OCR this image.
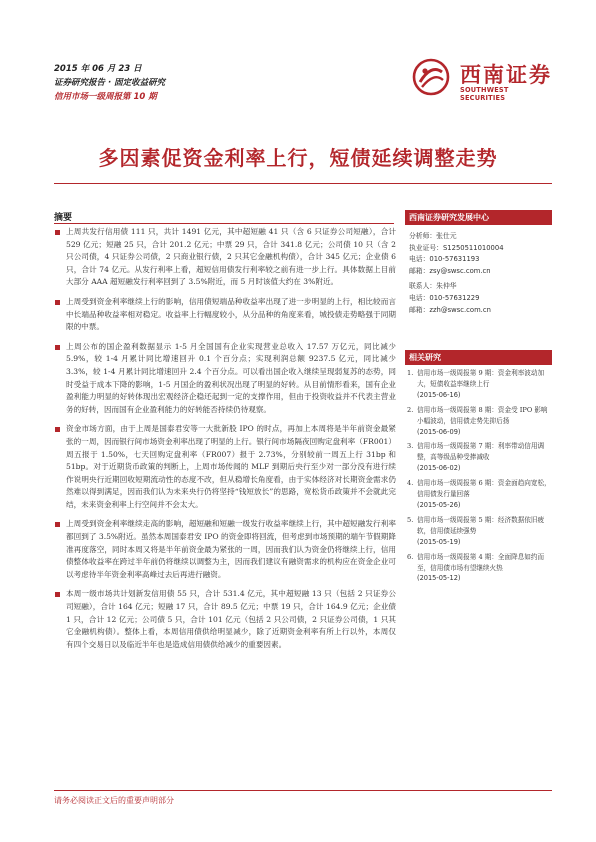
2015 年 06 月 23 日
证券研究报告 · 固定收益研究
信用市场一级周报第 10 期
西南证券
SOUTHWEST SECURITIES
多因素促资金利率上行，短债延续调整走势
摘要
上周共发行信用债 111 只，共计 1491 亿元，其中超短融 41 只（含 6 只证券公司短融），合计 529 亿元；短融 25 只，合计 201.2 亿元；中票 29 只，合计 341.8 亿元；公司债 10 只（含 2 只公司债，4 只证券公司债，2 只商业银行债，2 只其它金融机构债），合计 345 亿元；企业债 6 只，合计 74 亿元。从发行利率上看，超短信用债发行利率较之前有进一步上行。具体数据上目前大部分 AAA 超短融发行利率回到了 3.5%附近，而 5 月时该值大约在 3%附近。
上周受到资金利率继续上行的影响，信用债短端品种收益率出现了进一步明显的上行，相比较而言中长端品种收益率相对稳定。收益率上行幅度较小，从分品种的角度来看，城投债走势略强于同期限的中票。
上周公布的国企盈利数据显示 1-5 月全国国有企业实现营业总收入 17.57 万亿元，同比减少 5.9%，较 1-4 月累计同比增速回升 0.1 个百分点；实现利润总额 9237.5 亿元，同比减少 3.3%，较 1-4 月累计同比增速回升 2.4 个百分点。可以看出国企收入继续呈现弱复苏的态势，同时受益于成本下降的影响，1-5 月国企的盈利状况出现了明显的好转。从目前情形看来，国有企业盈利能力明显的好转体现出宏观经济企稳还起到一定的支撑作用，但由于投资收益并不代表主营业务的好转，因而国有企业盈利能力的好转能否持续仍待观察。
资金市场方面，由于上周是国泰君安等一大批新股 IPO 的时点，再加上本周将是半年前资金最紧张的一周，因而银行间市场资金利率出现了明显的上行。银行间市场隔夜回购定盘利率（FR001）周五报于 1.50%，七天回购定盘利率（FR007）报于 2.73%，分别较前一周五上行 31bp 和 51bp。对于近期货币政策的判断上，上周市场传闻的 MLF 到期后央行至少对一部分没有进行续作说明央行近期回收短期流动性的态度不改，但从稳增长角度看，由于实体经济对长期资金需求仍然难以得到满足，因而我们认为未来央行仍将坚持“钱短放长”的思路，宽松货币政策并不会就此完结，未来资金利率上行空间并不会太大。
上周受到资金利率继续走高的影响，超短融和短融一级发行收益率继续上行，其中超短融发行利率都回到了 3.5%附近。虽然本周国泰君安 IPO 的资金即将回流，但考虑到市场预期的端午节假期降准再度落空，同时本周又将是半年前资金最为紧张的一周，因而我们认为资金仍将继续上行，信用债整体收益率在跨过半年前仍将继续以调整为主，因而我们建议有融资需求的机构应在资金企业可以考虑待半年资金利率高峰过去后再进行融资。
本周一级市场共计划新发信用债 55 只，合计 531.4 亿元，其中超短融 13 只（包括 2 只证券公司短融），合计 164 亿元；短融 17 只，合计 89.5 亿元；中票 19 只，合计 164.9 亿元；企业债 1 只，合计 12 亿元；公司债 5 只，合计 101 亿元（包括 2 只公司债，2 只证券公司债，1 只其它金融机构债）。整体上看，本周信用债供给明显减少，除了近期资金利率有所上行以外，本周仅有四个交易日以及临近半年也是造成信用债供给减少的重要因素。
西南证券研究发展中心
分析师：张仕元
执业证号：S1250511010004
电话：010-57631193
邮箱：zsy@swsc.com.cn
联系人：朱仲华
电话：010-57631229
邮箱：zzh@swsc.com.cn
相关研究
1. 信用市场一级周报第 9 期：资金利率波动加大，短债收益率继续上行
(2015-06-16)
2. 信用市场一级周报第 8 期：资金受 IPO 影响小幅波动，信用债走势先抑后扬
(2015-06-09)
3. 信用市场一级周报第 7 期：利率带动信用调整，高等级品种受捧减收
(2015-06-02)
4. 信用市场一级周报第 6 期：资金面趋向宽松，信用债发行量回落
(2015-05-26)
5. 信用市场一级周报第 5 期：经济数据依旧疲软，信用债延续强势
(2015-05-19)
6. 信用市场一级周报第 4 期：全面降息如约而至，信用债市场有望继续火热
(2015-05-12)
请务必阅读正文后的重要声明部分
